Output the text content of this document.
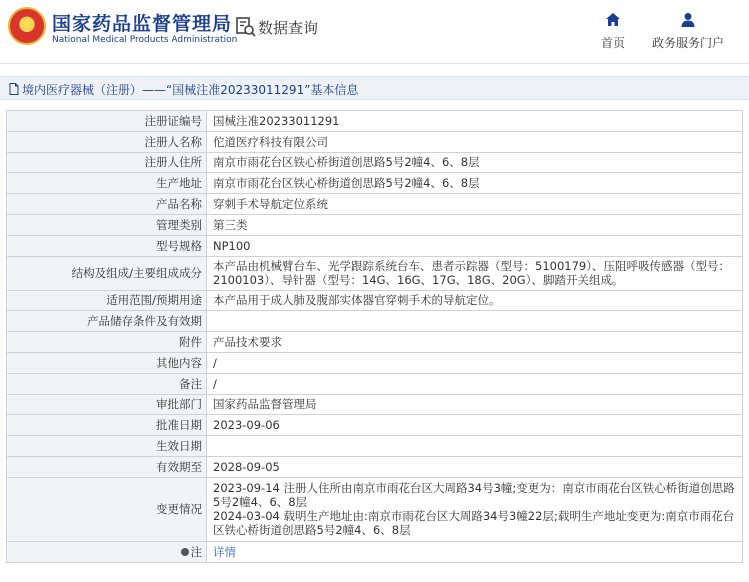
★ 国家药品监督管理局
National Medical Products Administration
数据查询
首页	政务服务门户
境内医疗器械（注册）——“国械注准20233011291”基本信息
注册证编号	国械注准20233011291
注册人名称	佗道医疗科技有限公司
注册人住所	南京市雨花台区铁心桥街道创思路5号2幢4、6、8层
生产地址	南京市雨花台区铁心桥街道创思路5号2幢4、6、8层
产品名称	穿刺手术导航定位系统
管理类别	第三类
型号规格	NP100
结构及组成/主要组成成分	本产品由机械臂台车、光学跟踪系统台车、患者示踪器（型号：5100179）、压阻呼吸传感器（型号：2100103）、导针器（型号：14G、16G、17G、18G、20G）、脚踏开关组成。
适用范围/预期用途	本产品用于成人肺及腹部实体器官穿刺手术的导航定位。
产品储存条件及有效期	
附件	产品技术要求
其他内容	/
备注	/
审批部门	国家药品监督管理局
批准日期	2023-09-06
生效日期	
有效期至	2028-09-05
变更情况	2023-09-14 注册人住所由南京市雨花台区大周路34号3幢;变更为：南京市雨花台区铁心桥街道创思路5号2幢4、6、8层
2024-03-04 载明生产地址由:南京市雨花台区大周路34号3幢22层;载明生产地址变更为:南京市雨花台区铁心桥街道创思路5号2幢4、6、8层
注	详情
